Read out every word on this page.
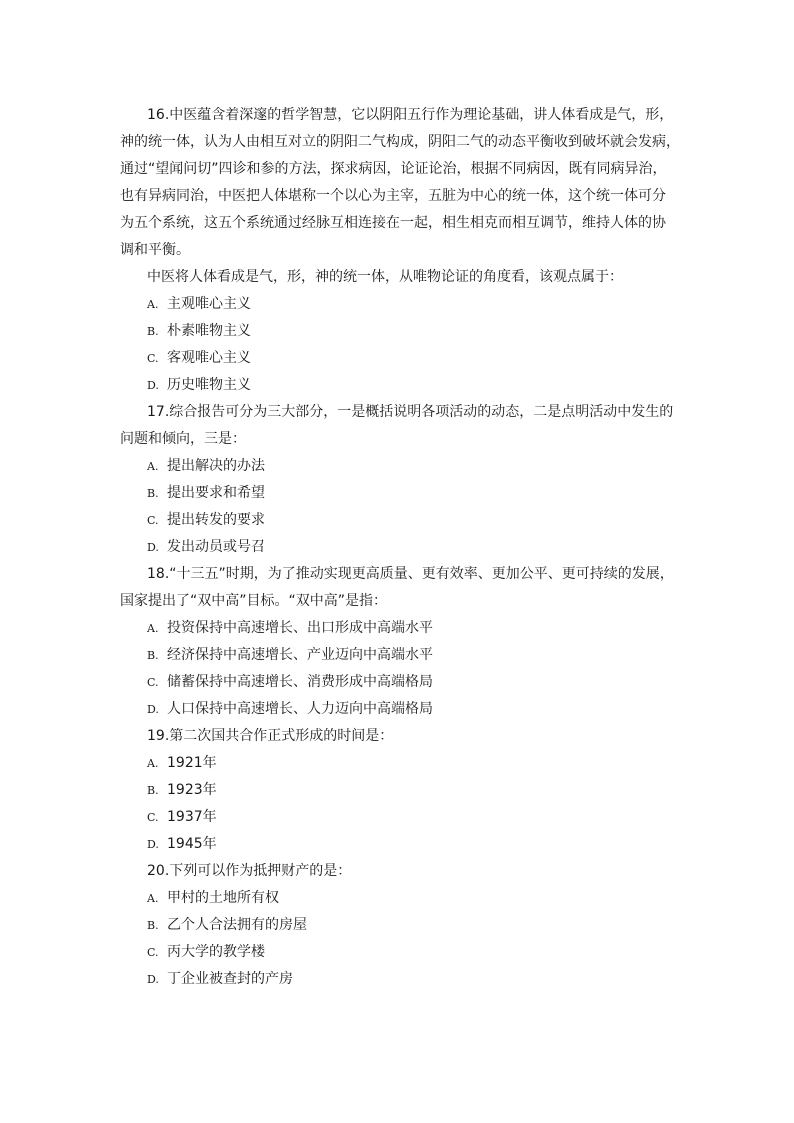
16.中医蕴含着深邃的哲学智慧，它以阴阳五行作为理论基础，讲人体看成是气，形，
神的统一体，认为人由相互对立的阴阳二气构成，阴阳二气的动态平衡收到破坏就会发病，
通过“望闻问切”四诊和参的方法，探求病因，论证论治，根据不同病因，既有同病异治，
也有异病同治，中医把人体堪称一个以心为主宰，五脏为中心的统一体，这个统一体可分
为五个系统，这五个系统通过经脉互相连接在一起，相生相克而相互调节，维持人体的协
调和平衡。
中医将人体看成是气，形，神的统一体，从唯物论证的角度看，该观点属于：
A. 主观唯心主义
B. 朴素唯物主义
C. 客观唯心主义
D. 历史唯物主义
17.综合报告可分为三大部分，一是概括说明各项活动的动态，二是点明活动中发生的
问题和倾向，三是：
A. 提出解决的办法
B. 提出要求和希望
C. 提出转发的要求
D. 发出动员或号召
18.“十三五”时期，为了推动实现更高质量、更有效率、更加公平、更可持续的发展，
国家提出了“双中高”目标。“双中高”是指：
A. 投资保持中高速增长、出口形成中高端水平
B. 经济保持中高速增长、产业迈向中高端水平
C. 储蓄保持中高速增长、消费形成中高端格局
D. 人口保持中高速增长、人力迈向中高端格局
19.第二次国共合作正式形成的时间是：
A. 1921年
B. 1923年
C. 1937年
D. 1945年
20.下列可以作为抵押财产的是：
A. 甲村的土地所有权
B. 乙个人合法拥有的房屋
C. 丙大学的教学楼
D. 丁企业被查封的产房
